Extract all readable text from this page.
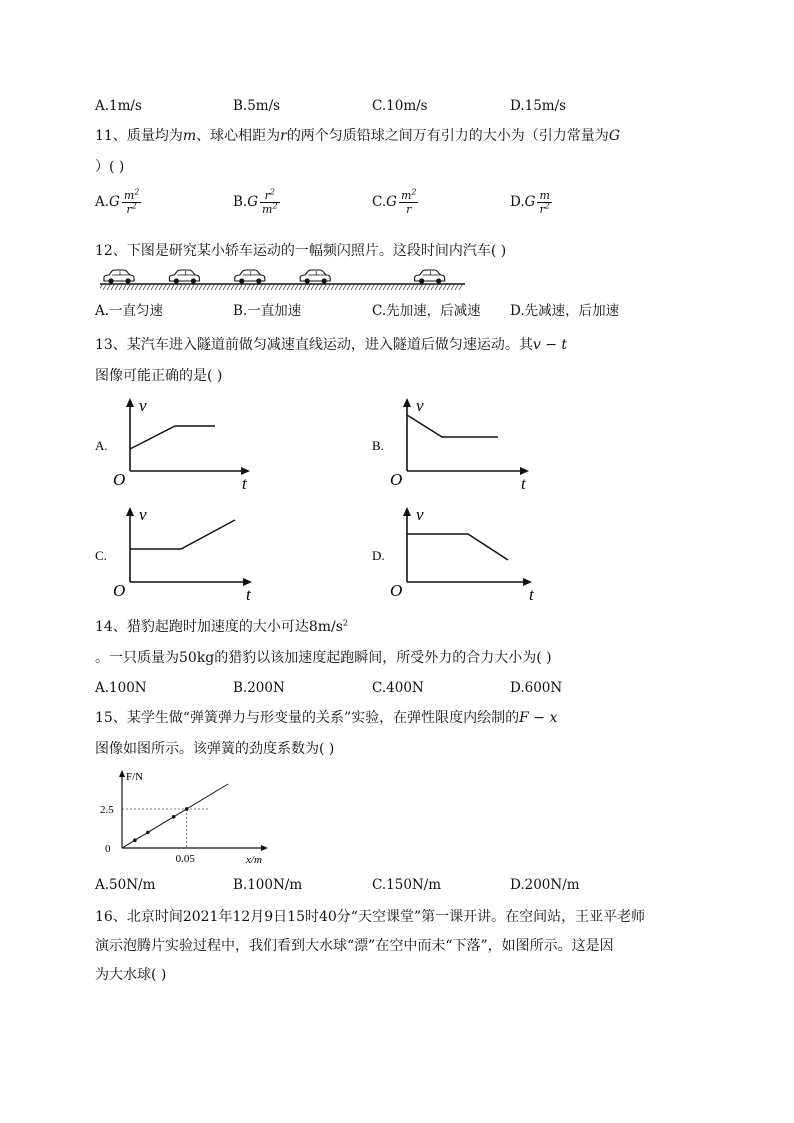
A.1m/s	B.5m/s	C.10m/s	D.15m/s
11、质量均为m、球心相距为r的两个匀质铅球之间万有引力的大小为（引力常量为G
）( )
$A.G \frac{m^2}{r^2}$	$B.G \frac{r^2}{m^2}$	$C.G \frac{m^2}{r}$	$D.G \frac{m}{r^2}$
12、下图是研究某小轿车运动的一幅频闪照片。这段时间内汽车( )
A.一直匀速	B.一直加速	C.先加速，后减速 D.先减速，后加速
13、某汽车进入隧道前做匀减速直线运动，进入隧道后做匀速运动。其v − t
图像可能正确的是( )
A.
v
O	t
B.
v
O	t
C.
v
O	t
D.
v
O	t
14、猎豹起跑时加速度的大小可达$8m/s^2$
。一只质量为50kg的猎豹以该加速度起跑瞬间，所受外力的合力大小为( )
A.100N	B.200N	C.400N	D.600N
15、某学生做“弹簧弹力与形变量的关系”实验，在弹性限度内绘制的F − x
图像如图所示。该弹簧的劲度系数为( )
F/N
x/m
0
2.5
0.05
A.50N/m	B.100N/m	C.150N/m	D.200N/m
16、北京时间2021年12月9日15时40分“天空课堂”第一课开讲。在空间站，王亚平老师
演示泡腾片实验过程中，我们看到大水球“漂”在空中而未“下落”，如图所示。这是因
为大水球( )
